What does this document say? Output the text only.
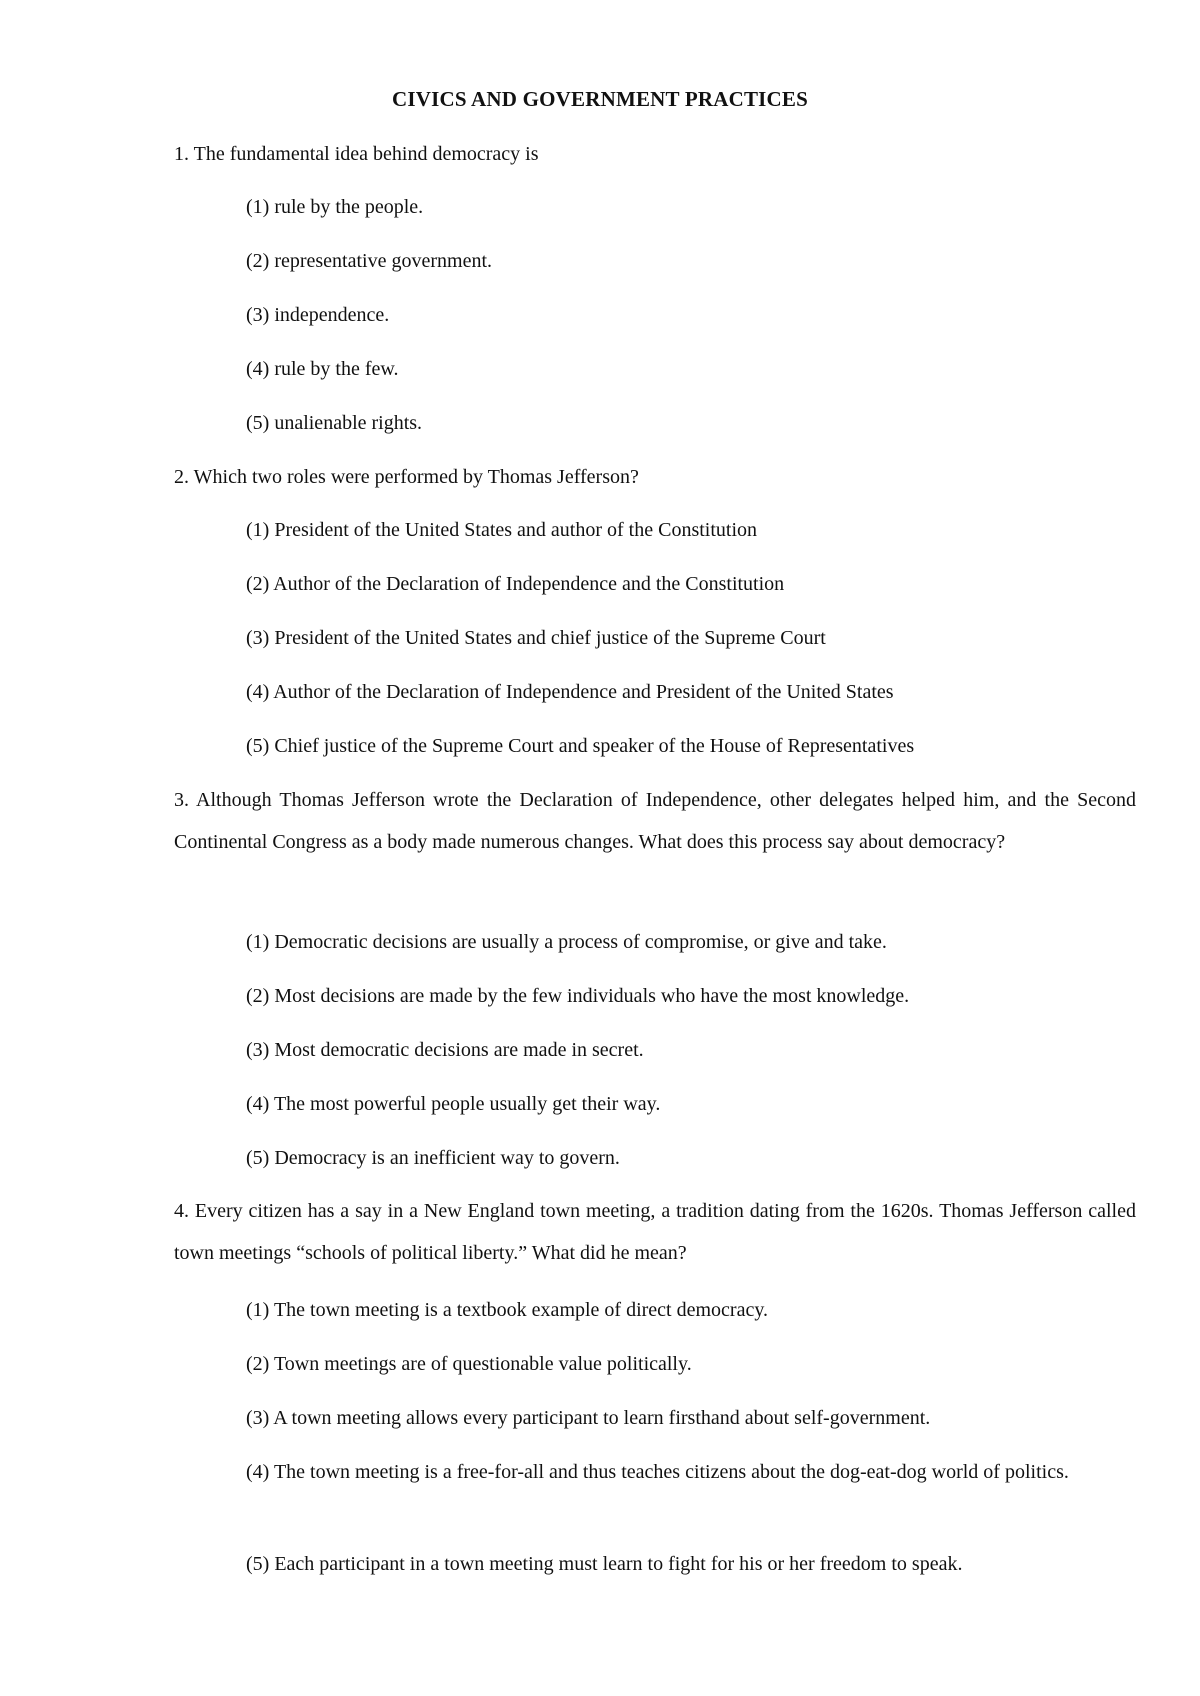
CIVICS AND GOVERNMENT PRACTICES
1. The fundamental idea behind democracy is
(1) rule by the people.
(2) representative government.
(3) independence.
(4) rule by the few.
(5) unalienable rights.
2. Which two roles were performed by Thomas Jefferson?
(1) President of the United States and author of the Constitution
(2) Author of the Declaration of Independence and the Constitution
(3) President of the United States and chief justice of the Supreme Court
(4) Author of the Declaration of Independence and President of the United States
(5) Chief justice of the Supreme Court and speaker of the House of Representatives
3. Although Thomas Jefferson wrote the Declaration of Independence, other delegates helped him, and the Second Continental Congress as a body made numerous changes. What does this process say about democracy?
(1) Democratic decisions are usually a process of compromise, or give and take.
(2) Most decisions are made by the few individuals who have the most knowledge.
(3) Most democratic decisions are made in secret.
(4) The most powerful people usually get their way.
(5) Democracy is an inefficient way to govern.
4. Every citizen has a say in a New England town meeting, a tradition dating from the 1620s. Thomas Jefferson called town meetings “schools of political liberty.” What did he mean?
(1) The town meeting is a textbook example of direct democracy.
(2) Town meetings are of questionable value politically.
(3) A town meeting allows every participant to learn firsthand about self-government.
(4) The town meeting is a free-for-all and thus teaches citizens about the dog-eat-dog world of politics.
(5) Each participant in a town meeting must learn to fight for his or her freedom to speak.
